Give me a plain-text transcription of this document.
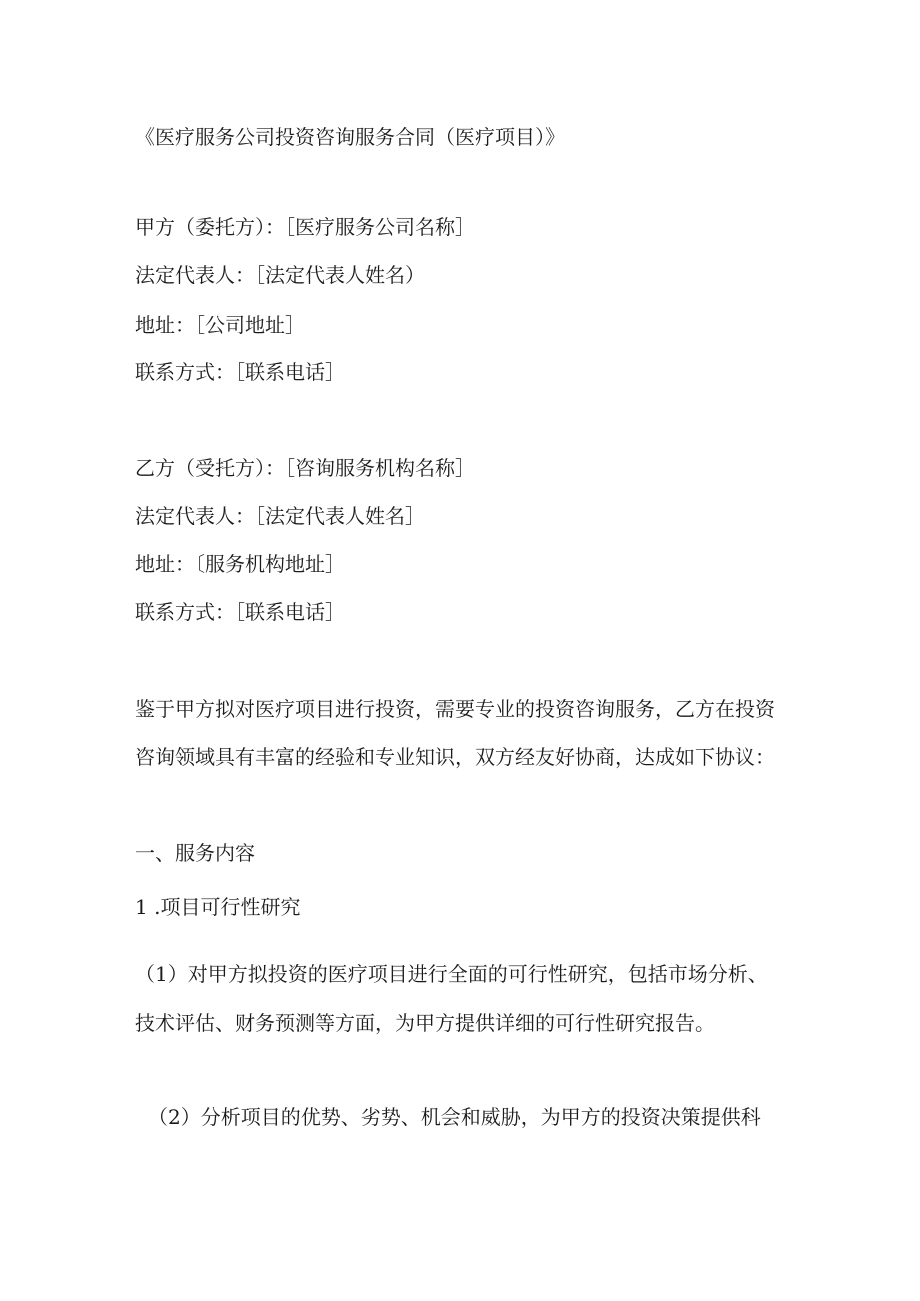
《医疗服务公司投资咨询服务合同（医疗项目）》

甲方（委托方）：［医疗服务公司名称］

法定代表人：［法定代表人姓名）

地址：［公司地址］

联系方式：［联系电话］

乙方（受托方）：［咨询服务机构名称］

法定代表人：［法定代表人姓名］

地址：〔服务机构地址］

联系方式：［联系电话］

鉴于甲方拟对医疗项目进行投资，需要专业的投资咨询服务，乙方在投资

咨询领域具有丰富的经验和专业知识，双方经友好协商，达成如下协议：

一、服务内容

1 .项目可行性研究

（1）对甲方拟投资的医疗项目进行全面的可行性研究，包括市场分析、

技术评估、财务预测等方面，为甲方提供详细的可行性研究报告。

（2）分析项目的优势、劣势、机会和威胁，为甲方的投资决策提供科
